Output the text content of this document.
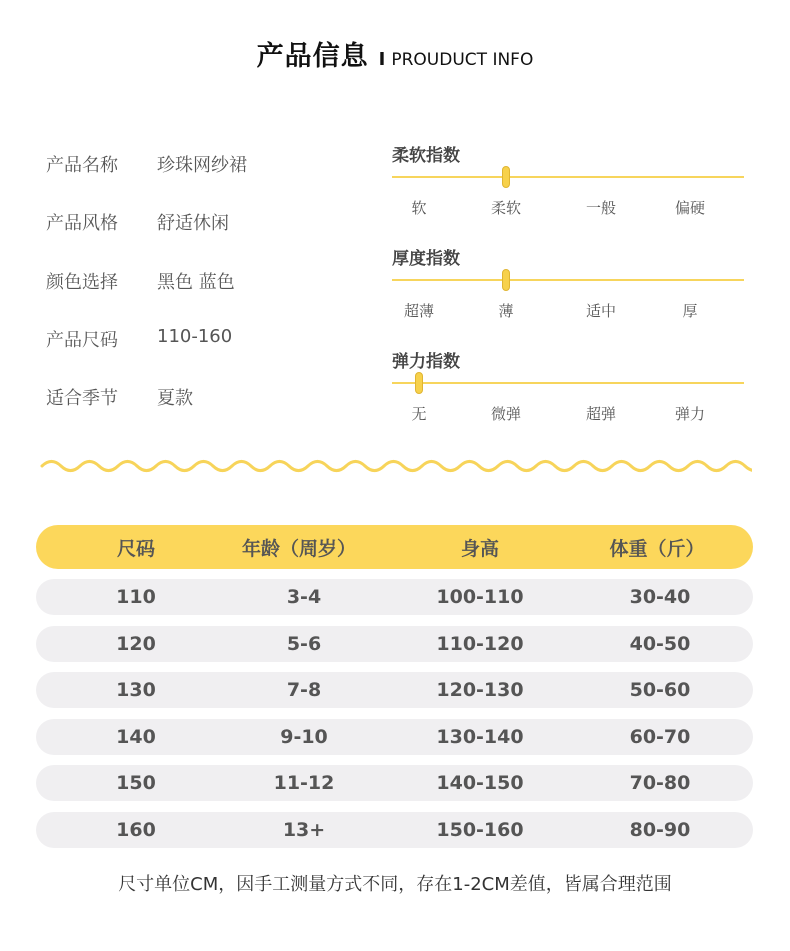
产品信息 I PROUDUCT INFO
产品名称	珍珠网纱裙
产品风格	舒适休闲
颜色选择	黑色 蓝色
产品尺码	110-160
适合季节	夏款
柔软指数
软	柔软	一般	偏硬
厚度指数
超薄	薄	适中	厚
弹力指数
无	微弹	超弹	弹力
尺码	年龄（周岁）	身高	体重（斤）
110	3-4	100-110	30-40
120	5-6	110-120	40-50
130	7-8	120-130	50-60
140	9-10	130-140	60-70
150	11-12	140-150	70-80
160	13+	150-160	80-90
尺寸单位CM，因手工测量方式不同，存在1-2CM差值，皆属合理范围
